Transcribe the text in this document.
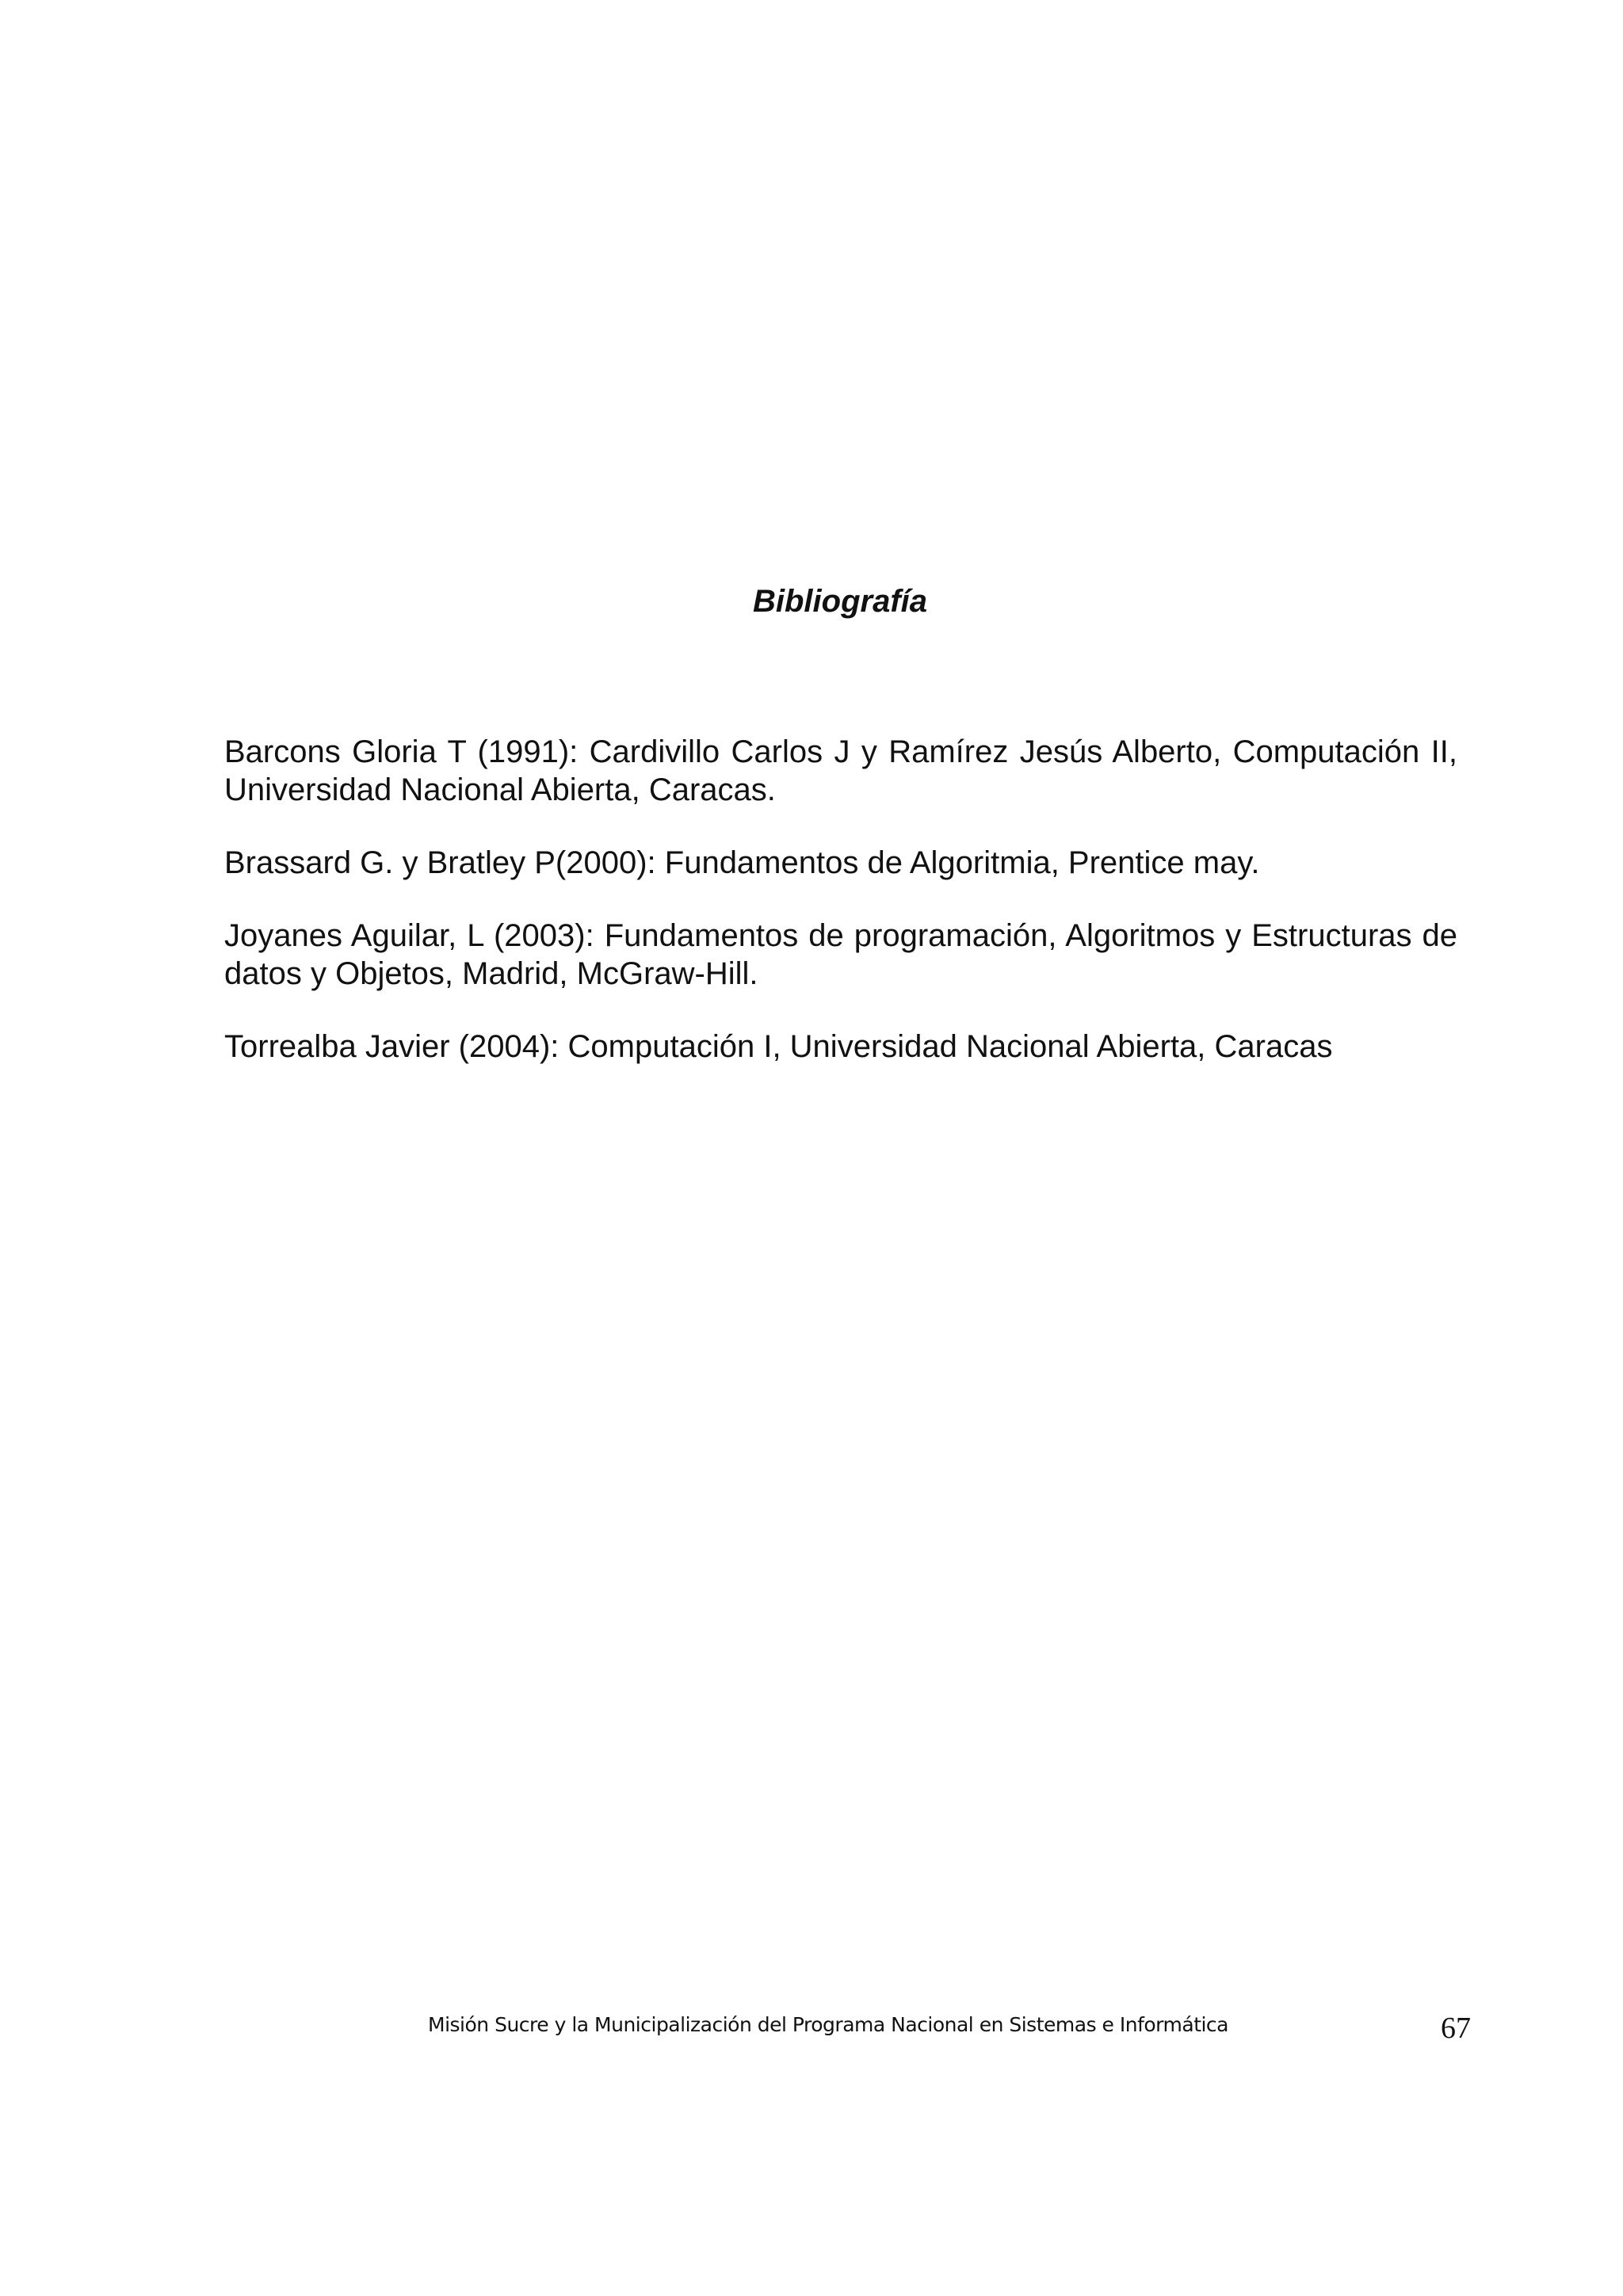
Bibliografía

Barcons Gloria T (1991): Cardivillo Carlos J y Ramírez Jesús Alberto, Computación II, Universidad Nacional Abierta, Caracas.

Brassard G. y Bratley P(2000): Fundamentos de Algoritmia, Prentice may.

Joyanes Aguilar, L (2003): Fundamentos de programación, Algoritmos y Estructuras de datos y Objetos, Madrid, McGraw-Hill.

Torrealba Javier (2004): Computación I, Universidad Nacional Abierta, Caracas

Misión Sucre y la Municipalización del Programa Nacional en Sistemas e Informática	67
